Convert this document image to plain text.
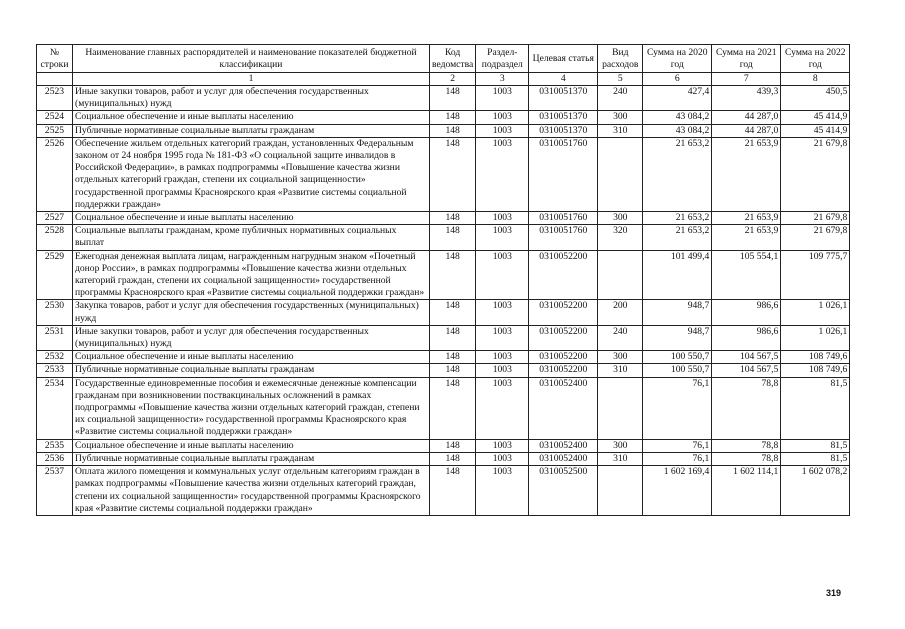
№ строки	Наименование главных распорядителей и наименование показателей бюджетной классификации	Код ведомства	Раздел-подраздел	Целевая статья	Вид расходов	Сумма на 2020 год	Сумма на 2021 год	Сумма на 2022 год
	1	2	3	4	5	6	7	8
2523	Иные закупки товаров, работ и услуг для обеспечения государственных (муниципальных) нужд	148	1003	0310051370	240	427,4	439,3	450,5
2524	Социальное обеспечение и иные выплаты населению	148	1003	0310051370	300	43 084,2	44 287,0	45 414,9
2525	Публичные нормативные социальные выплаты гражданам	148	1003	0310051370	310	43 084,2	44 287,0	45 414,9
2526	Обеспечение жильем отдельных категорий граждан, установленных Федеральным законом от 24 ноября 1995 года № 181-ФЗ «О социальной защите инвалидов в Российской Федерации», в рамках подпрограммы «Повышение качества жизни отдельных категорий граждан, степени их социальной защищенности» государственной программы Красноярского края «Развитие системы социальной поддержки граждан»	148	1003	0310051760		21 653,2	21 653,9	21 679,8
2527	Социальное обеспечение и иные выплаты населению	148	1003	0310051760	300	21 653,2	21 653,9	21 679,8
2528	Социальные выплаты гражданам, кроме публичных нормативных социальных выплат	148	1003	0310051760	320	21 653,2	21 653,9	21 679,8
2529	Ежегодная денежная выплата лицам, награжденным нагрудным знаком «Почетный донор России», в рамках подпрограммы «Повышение качества жизни отдельных категорий граждан, степени их социальной защищенности» государственной программы Красноярского края «Развитие системы социальной поддержки граждан»	148	1003	0310052200		101 499,4	105 554,1	109 775,7
2530	Закупка товаров, работ и услуг для обеспечения государственных (муниципальных) нужд	148	1003	0310052200	200	948,7	986,6	1 026,1
2531	Иные закупки товаров, работ и услуг для обеспечения государственных (муниципальных) нужд	148	1003	0310052200	240	948,7	986,6	1 026,1
2532	Социальное обеспечение и иные выплаты населению	148	1003	0310052200	300	100 550,7	104 567,5	108 749,6
2533	Публичные нормативные социальные выплаты гражданам	148	1003	0310052200	310	100 550,7	104 567,5	108 749,6
2534	Государственные единовременные пособия и ежемесячные денежные компенсации гражданам при возникновении поствакцинальных осложнений в рамках подпрограммы «Повышение качества жизни отдельных категорий граждан, степени их социальной защищенности» государственной программы Красноярского края «Развитие системы социальной поддержки граждан»	148	1003	0310052400		76,1	78,8	81,5
2535	Социальное обеспечение и иные выплаты населению	148	1003	0310052400	300	76,1	78,8	81,5
2536	Публичные нормативные социальные выплаты гражданам	148	1003	0310052400	310	76,1	78,8	81,5
2537	Оплата жилого помещения и коммунальных услуг отдельным категориям граждан в рамках подпрограммы «Повышение качества жизни отдельных категорий граждан, степени их социальной защищенности» государственной программы Красноярского края «Развитие системы социальной поддержки граждан»	148	1003	0310052500		1 602 169,4	1 602 114,1	1 602 078,2
319
